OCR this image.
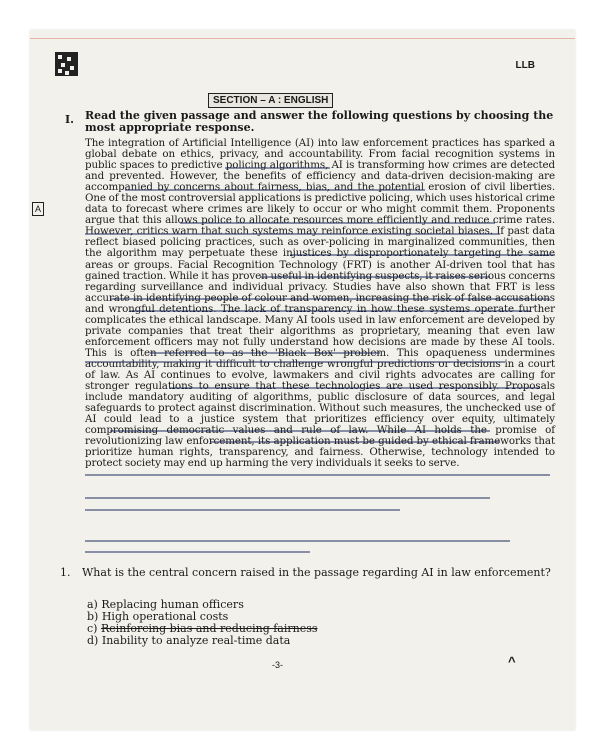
LLB
SECTION – A : ENGLISH
A
I. Read the given passage and answer the following questions by choosing the most appropriate response.
The integration of Artificial Intelligence (AI) into law enforcement practices has sparked a global debate on ethics, privacy, and accountability. From facial recognition systems in public spaces to predictive policing algorithms, AI is transforming how crimes are detected and prevented. However, the benefits of efficiency and data-driven decision-making are accompanied by concerns about fairness, bias, and the potential erosion of civil liberties. One of the most controversial applications is predictive policing, which uses historical crime data to forecast where crimes are likely to occur or who might commit them. Proponents argue that this allows police to allocate resources more efficiently and reduce crime rates. However, critics warn that such systems may reinforce existing societal biases. If past data reflect biased policing practices, such as over-policing in marginalized communities, then the algorithm may perpetuate these injustices by disproportionately targeting the same areas or groups. Facial Recognition Technology (FRT) is another AI-driven tool that has gained traction. While it has proven useful in identifying suspects, it raises serious concerns regarding surveillance and individual privacy. Studies have also shown that FRT is less accurate in identifying people of colour and women, increasing the risk of false accusations and wrongful detentions. The lack of transparency in how these systems operate further complicates the ethical landscape. Many AI tools used in law enforcement are developed by private companies that treat their algorithms as proprietary, meaning that even law enforcement officers may not fully understand how decisions are made by these AI tools. This is often referred to as the 'Black Box' problem. This opaqueness undermines accountability, making it difficult to challenge wrongful predictions or decisions in a court of law. As AI continues to evolve, lawmakers and civil rights advocates are calling for stronger regulations to ensure that these technologies are used responsibly. Proposals include mandatory auditing of algorithms, public disclosure of data sources, and legal safeguards to protect against discrimination. Without such measures, the unchecked use of AI could lead to a justice system that prioritizes efficiency over equity, ultimately compromising democratic values and rule of law. While AI holds the promise of revolutionizing law enforcement, its application must be guided by ethical frameworks that prioritize human rights, transparency, and fairness. Otherwise, technology intended to protect society may end up harming the very individuals it seeks to serve.
1. What is the central concern raised in the passage regarding AI in law enforcement?
a) Replacing human officers
b) High operational costs
c) Reinforcing bias and reducing fairness
d) Inability to analyze real-time data
-3-	^
